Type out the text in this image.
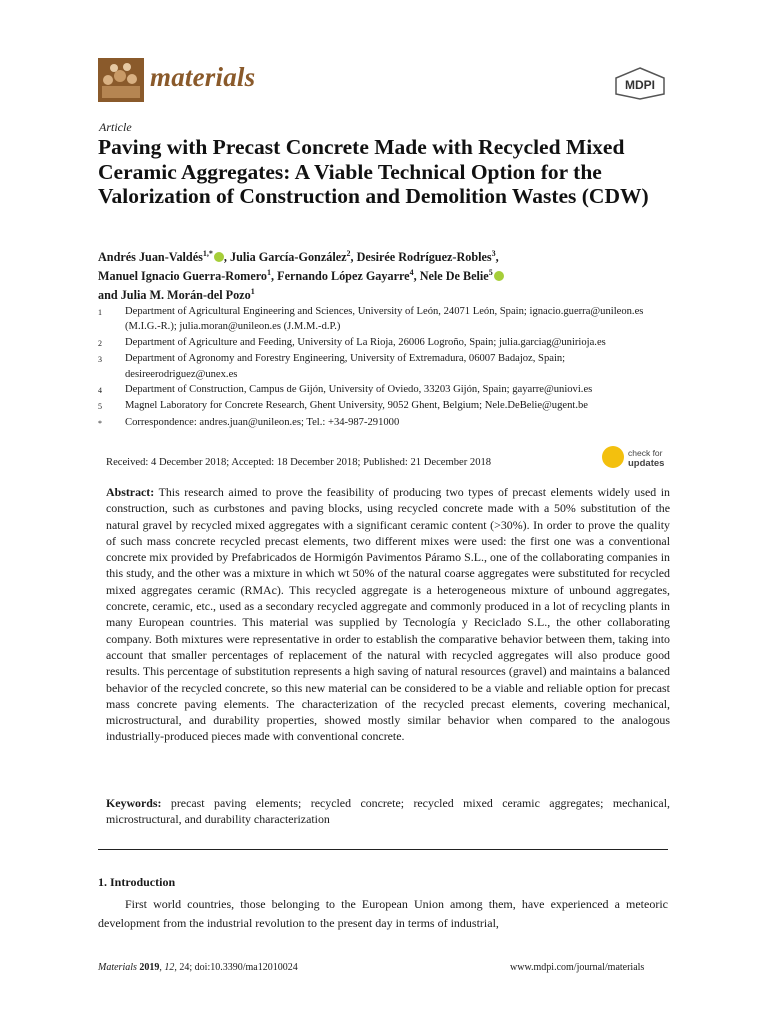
materials	MDPI
Article
Paving with Precast Concrete Made with Recycled Mixed Ceramic Aggregates: A Viable Technical Option for the Valorization of Construction and Demolition Wastes (CDW)
Andrés Juan-Valdés$^{1,*}$ , Julia García-González$^2$, Desirée Rodríguez-Robles$^3$,
Manuel Ignacio Guerra-Romero$^1$, Fernando López Gayarre$^4$, Nele De Belie$^5$
and Julia M. Morán-del Pozo$^1$
1	Department of Agricultural Engineering and Sciences, University of León, 24071 León, Spain; ignacio.guerra@unileon.es (M.I.G.-R.); julia.moran@unileon.es (J.M.M.-d.P.)
2	Department of Agriculture and Feeding, University of La Rioja, 26006 Logroño, Spain; julia.garciag@unirioja.es
3	Department of Agronomy and Forestry Engineering, University of Extremadura, 06007 Badajoz, Spain; desireerodriguez@unex.es
4	Department of Construction, Campus de Gijón, University of Oviedo, 33203 Gijón, Spain; gayarre@uniovi.es
5	Magnel Laboratory for Concrete Research, Ghent University, 9052 Ghent, Belgium; Nele.DeBelie@ugent.be
*	Correspondence: andres.juan@unileon.es; Tel.: +34-987-291000
Received: 4 December 2018; Accepted: 18 December 2018; Published: 21 December 2018
check for
updates
Abstract: This research aimed to prove the feasibility of producing two types of precast elements widely used in construction, such as curbstones and paving blocks, using recycled concrete made with a 50% substitution of the natural gravel by recycled mixed aggregates with a significant ceramic content (>30%). In order to prove the quality of such mass concrete recycled precast elements, two different mixes were used: the first one was a conventional concrete mix provided by Prefabricados de Hormigón Pavimentos Páramo S.L., one of the collaborating companies in this study, and the other was a mixture in which wt 50% of the natural coarse aggregates were substituted for recycled mixed aggregates ceramic (RMAc). This recycled aggregate is a heterogeneous mixture of unbound aggregates, concrete, ceramic, etc., used as a secondary recycled aggregate and commonly produced in a lot of recycling plants in many European countries. This material was supplied by Tecnología y Reciclado S.L., the other collaborating company. Both mixtures were representative in order to establish the comparative behavior between them, taking into account that smaller percentages of replacement of the natural with recycled aggregates will also produce good results. This percentage of substitution represents a high saving of natural resources (gravel) and maintains a balanced behavior of the recycled concrete, so this new material can be considered to be a viable and reliable option for precast mass concrete paving elements. The characterization of the recycled precast elements, covering mechanical, microstructural, and durability properties, showed mostly similar behavior when compared to the analogous industrially-produced pieces made with conventional concrete.
Keywords: precast paving elements; recycled concrete; recycled mixed ceramic aggregates; mechanical, microstructural, and durability characterization
1. Introduction
First world countries, those belonging to the European Union among them, have experienced a meteoric development from the industrial revolution to the present day in terms of industrial,
Materials 2019, 12, 24; doi:10.3390/ma12010024	www.mdpi.com/journal/materials
